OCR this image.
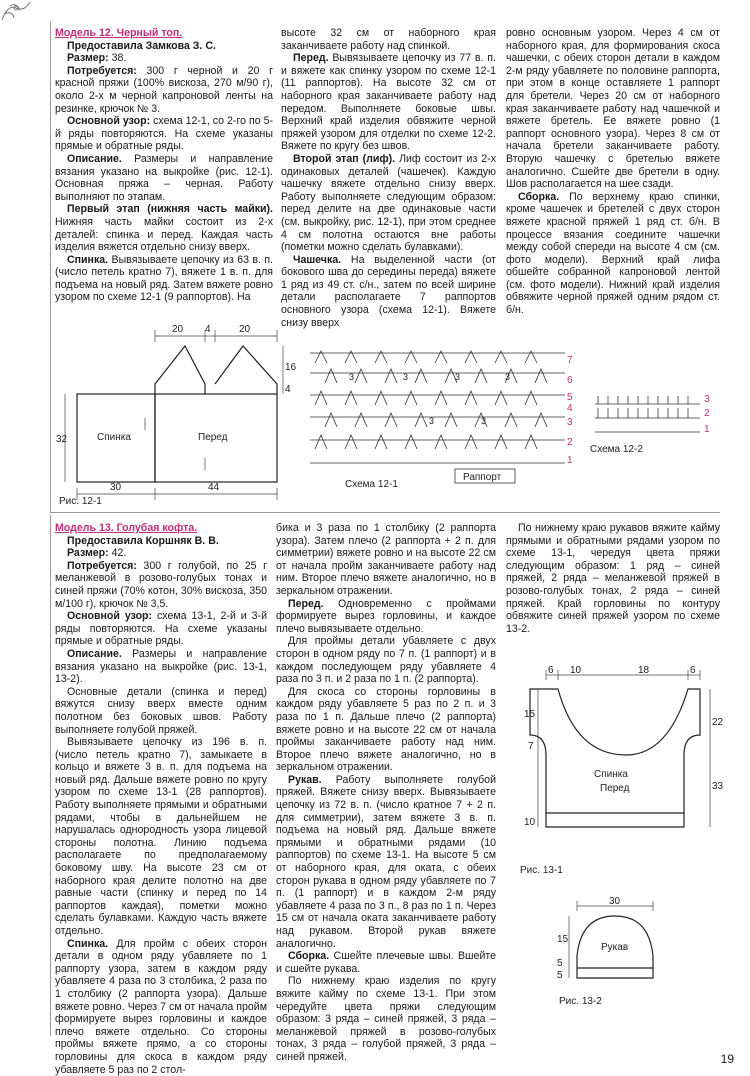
Модель 12. Черный топ.

Предоставила Замкова З. С.

Размер: 38.

Потребуется: 300 г черной и 20 г красной пряжи (100% вискоза, 270 м/90 г), около 2-х м черной капроновой ленты на резинке, крючок № 3.

Основной узор: схема 12-1, со 2-го по 5-й ряды повторяются. На схеме указаны прямые и обратные ряды.

Описание. Размеры и направление вязания указано на выкройке (рис. 12-1). Основная пряжа – черная. Работу выполняют по этапам.

Первый этап (нижняя часть майки). Нижняя часть майки состоит из 2-х деталей: спинка и перед. Каждая часть изделия вяжется отдельно снизу вверх.

Спинка. Вывязываете цепочку из 63 в. п. (число петель кратно 7), вяжете 1 в. п. для подъема на новый ряд. Затем вяжете ровно узором по схеме 12-1 (9 раппортов). На

высоте 32 см от наборного края заканчиваете работу над спинкой.

Перед. Вывязываете цепочку из 77 в. п. и вяжете как спинку узором по схеме 12-1 (11 раппортов). На высоте 32 см от наборного края заканчиваете работу над передом. Выполняете боковые швы. Верхний край изделия обвяжите черной пряжей узором для отделки по схеме 12-2. Вяжете по кругу без швов.

Второй этап (лиф). Лиф состоит из 2-х одинаковых деталей (чашечек). Каждую чашечку вяжете отдельно снизу вверх. Работу выполняете следующим образом: перед делите на две одинаковые части (см. выкройку, рис. 12-1), при этом среднее 4 см полотна остаются вне работы (пометки можно сделать булавками).

Чашечка. На выделенной части (от бокового шва до середины переда) вяжете 1 ряд из 49 ст. с/н., затем по всей ширине детали располагаете 7 раппортов основного узора (схема 12-1). Вяжете снизу вверх

ровно основным узором. Через 4 см от наборного края, для формирования скоса чашечки, с обеих сторон детали в каждом 2-м ряду убавляете по половине раппорта, при этом в конце оставляете 1 раппорт для бретели. Через 20 см от наборного края заканчиваете работу над чашечкой и вяжете бретель. Ее вяжете ровно (1 раппорт основного узора). Через 8 см от начала бретели заканчиваете работу. Вторую чашечку с бретелью вяжете аналогично. Сшейте две бретели в одну. Шов располагается на шее сзади.

Сборка. По верхнему краю спинки, кроме чашечек и бретелей с двух сторон вяжете красной пряжей 1 ряд ст. б/н. В процессе вязания соедините чашечки между собой спереди на высоте 4 см (см. фото модели). Верхний край лифа обшейте собранной капроновой лентой (см. фото модели). Нижний край изделия обвяжите черной пряжей одним рядом ст. б/н.

20 4	20
16
4
32
30	44
Спинка	Перед
Рис. 12-1
3	3	3	3
3	3
7
6
5
4
3
2
1
Раппорт
Схема 12-1
3
2
1
Схема 12-2

Модель 13. Голубая кофта.

Предоставила Коршняк В. В.

Размер: 42.

Потребуется: 300 г голубой, по 25 г меланжевой в розово-голубых тонах и синей пряжи (70% котон, 30% вискоза, 350 м/100 г), крючок № 3,5.

Основной узор: схема 13-1, 2-й и 3-й ряды повторяются. На схеме указаны прямые и обратные ряды.

Описание. Размеры и направление вязания указано на выкройке (рис. 13-1, 13-2).

Основные детали (спинка и перед) вяжутся снизу вверх вместе одним полотном без боковых швов. Работу выполняете голубой пряжей.

Вывязываете цепочку из 196 в. п. (число петель кратно 7), замыкаете в кольцо и вяжете 3 в. п. для подъема на новый ряд. Дальше вяжете ровно по кругу узором по схеме 13-1 (28 раппортов). Работу выполняете прямыми и обратными рядами, чтобы в дальнейшем не нарушалась однородность узора лицевой стороны полотна. Линию подъема располагаете по предполагаемому боковому шву. На высоте 23 см от наборного края делите полотно на две равные части (спинку и перед по 14 раппортов каждая), пометки можно сделать булавками. Каждую часть вяжете отдельно.

Спинка. Для пройм с обеих сторон детали в одном ряду убавляете по 1 раппорту узора, затем в каждом ряду убавляете 4 раза по 3 столбика, 2 раза по 1 столбику (2 раппорта узора). Дальше вяжете ровно. Через 7 см от начала пройм формируете вырез горловины и каждое плечо вяжете отдельно. Со стороны проймы вяжете прямо, а со стороны горловины для скоса в каждом ряду убавляете 5 раз по 2 стол-

бика и 3 раза по 1 столбику (2 раппорта узора). Затем плечо (2 раппорта + 2 п. для симметрии) вяжете ровно и на высоте 22 см от начала пройм заканчиваете работу над ним. Второе плечо вяжете аналогично, но в зеркальном отражении.

Перед. Одновременно с проймами формируете вырез горловины, и каждое плечо вывязываете отдельно.

Для проймы детали убавляете с двух сторон в одном ряду по 7 п. (1 раппорт) и в каждом последующем ряду убавляете 4 раза по 3 п. и 2 раза по 1 п. (2 раппорта).

Для скоса со стороны горловины в каждом ряду убавляете 5 раз по 2 п. и 3 раза по 1 п. Дальше плечо (2 раппорта) вяжете ровно и на высоте 22 см от начала проймы заканчиваете работу над ним. Второе плечо вяжете аналогично, но в зеркальном отражении.

Рукав. Работу выполняете голубой пряжей. Вяжете снизу вверх. Вывязываете цепочку из 72 в. п. (число кратное 7 + 2 п. для симметрии), затем вяжете 3 в. п. подъема на новый ряд. Дальше вяжете прямыми и обратными рядами (10 раппортов) по схеме 13-1. На высоте 5 см от наборного края, для оката, с обеих сторон рукава в одном ряду убавляете по 7 п. (1 раппорт) и в каждом 2-м ряду убавляете 4 раза по 3 п., 8 раз по 1 п. Через 15 см от начала оката заканчиваете работу над рукавом. Второй рукав вяжете аналогично.

Сборка. Сшейте плечевые швы. Вшейте и сшейте рукава.

По нижнему краю изделия по кругу вяжите кайму по схеме 13-1. При этом чередуйте цвета пряжи следующим образом: 3 ряда – синей пряжей, 3 ряда – меланжевой пряжей в розово-голубых тонах, 3 ряда – голубой пряжей, 3 ряда – синей пряжей.

По нижнему краю рукавов вяжите кайму прямыми и обратными рядами узором по схеме 13-1, чередуя цвета пряжи следующим образом: 1 ряд – синей пряжей, 2 ряда – меланжевой пряжей в розово-голубых тонах, 2 ряда – синей пряжей. Край горловины по контуру обвяжите синей пряжей узором по схеме 13-2.

6 10	18	6
15
7
22
33
10
Спинка
Перед
Рис. 13-1
30
15
5
5
Рукав
Рис. 13-2
19
